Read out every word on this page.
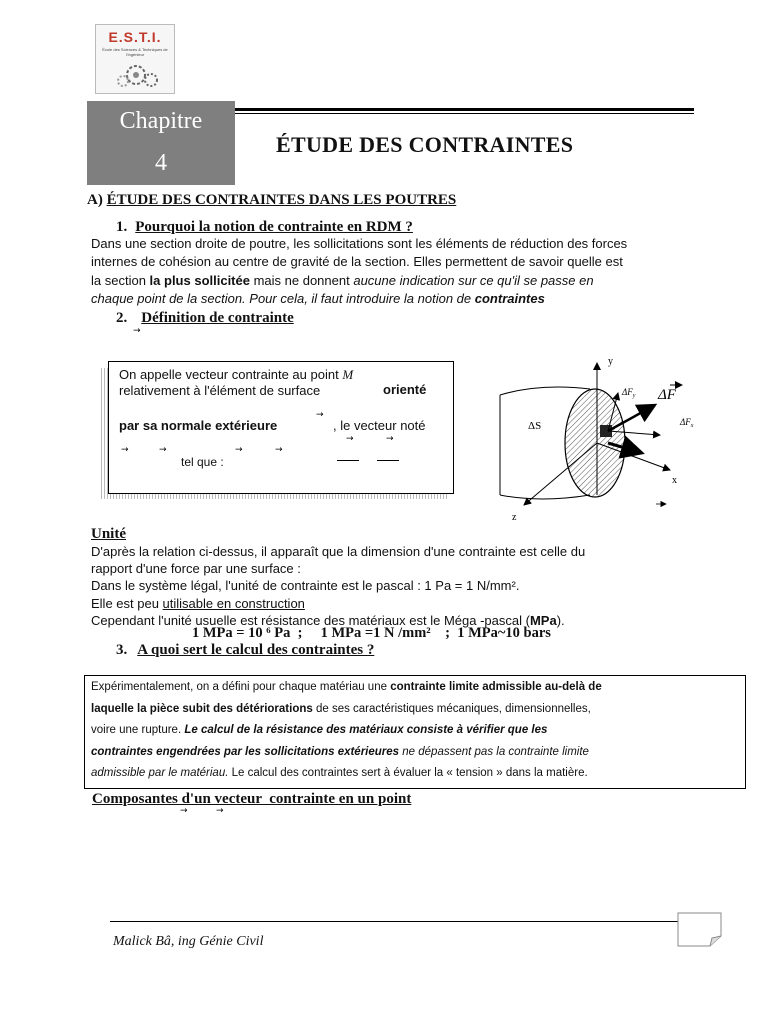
E.S.T.I.
École des Sciences & Techniques de l'Ingénieur
Chapitre
4
ÉTUDE DES CONTRAINTES
A) ÉTUDE DES CONTRAINTES DANS LES POUTRES
1. Pourquoi la notion de contrainte en RDM ?
Dans une section droite de poutre, les sollicitations sont les éléments de réduction des forces
internes de cohésion au centre de gravité de la section. Elles permettent de savoir quelle est
la section la plus sollicitée mais ne donnent aucune indication sur ce qu'il se passe en
chaque point de la section. Pour cela, il faut introduire la notion de contraintes
2. Définition de contrainte
→
On appelle vecteur contrainte au point M
relativement à l'élément de surface	orienté
→
par sa normale extérieure	, le vecteur noté
→	→	→	→
→	→
tel que :
y
x
z
ΔS
ΔF
$\Delta F_y$
$\Delta F_x$
Unité
D'après la relation ci-dessus, il apparaît que la dimension d'une contrainte est celle du
rapport d'une force par une surface :
Dans le système légal, l'unité de contrainte est le pascal : 1 Pa = 1 N/mm².
Elle est peu utilisable en construction
Cependant l'unité usuelle est résistance des matériaux est le Méga -pascal (MPa).
1 MPa = 10 ⁶ Pa  ;     1 MPa =1 N /mm²    ;  1 MPa~10 bars
3. A quoi sert le calcul des contraintes ?
Expérimentalement, on a défini pour chaque matériau une contrainte limite admissible au-delà de
laquelle la pièce subit des détériorations de ses caractéristiques mécaniques, dimensionnelles,
voire une rupture. Le calcul de la résistance des matériaux consiste à vérifier que les
contraintes engendrées par les sollicitations extérieures ne dépassent pas la contrainte limite
admissible par le matériau. Le calcul des contraintes sert à évaluer la « tension » dans la matière.
Composantes d'un vecteur  contrainte en un point
→	→
Malick Bâ, ing Génie Civil
